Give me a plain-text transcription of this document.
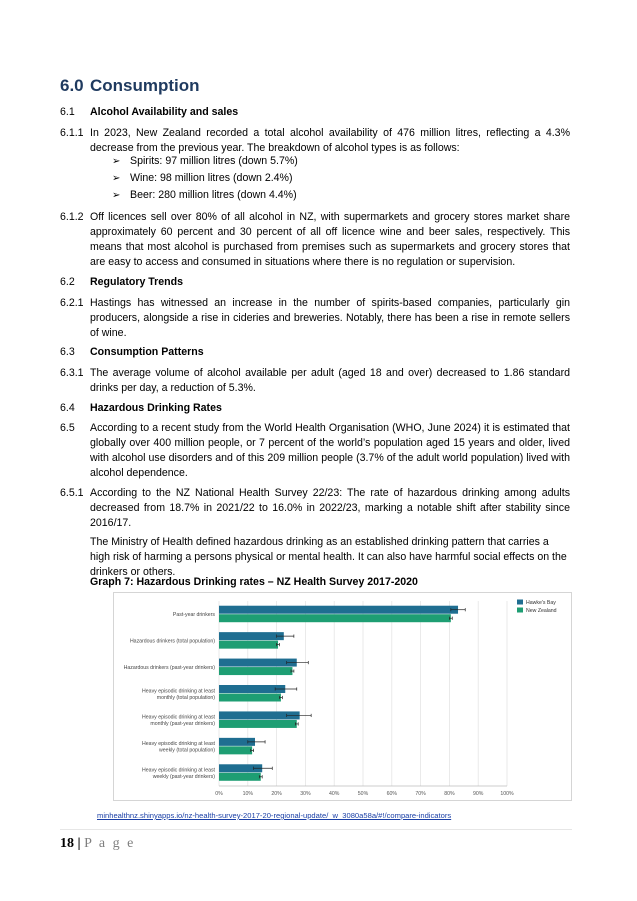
6.0 Consumption
6.1	Alcohol Availability and sales
6.1.1 In 2023, New Zealand recorded a total alcohol availability of 476 million litres, reflecting a 4.3% decrease from the previous year. The breakdown of alcohol types is as follows:
➢ Spirits: 97 million litres (down 5.7%)
➢ Wine: 98 million litres (down 2.4%)
➢ Beer: 280 million litres (down 4.4%)
6.1.2 Off licences sell over 80% of all alcohol in NZ, with supermarkets and grocery stores market share approximately 60 percent and 30 percent of all off licence wine and beer sales, respectively. This means that most alcohol is purchased from premises such as supermarkets and grocery stores that are easy to access and consumed in situations where there is no regulation or supervision.
6.2	Regulatory Trends
6.2.1 Hastings has witnessed an increase in the number of spirits-based companies, particularly gin producers, alongside a rise in cideries and breweries. Notably, there has been a rise in remote sellers of wine.
6.3	Consumption Patterns
6.3.1 The average volume of alcohol available per adult (aged 18 and over) decreased to 1.86 standard drinks per day, a reduction of 5.3%.
6.4	Hazardous Drinking Rates
6.5	According to a recent study from the World Health Organisation (WHO, June 2024) it is estimated that globally over 400 million people, or 7 percent of the world’s population aged 15 years and older, lived with alcohol use disorders and of this 209 million people (3.7% of the adult world population) lived with alcohol dependence.
6.5.1 According to the NZ National Health Survey 22/23: The rate of hazardous drinking among adults decreased from 18.7% in 2021/22 to 16.0% in 2022/23, marking a notable shift after stability since 2016/17.
The Ministry of Health defined hazardous drinking as an established drinking pattern that carries a high risk of harming a persons physical or mental health. It can also have harmful social effects on the drinkers or others.
Graph 7: Hazardous Drinking rates – NZ Health Survey 2017-2020
0%	10%	20%	30%	40%	50%	60%	70%	80%	90%	100%
Past-year drinkers
Hazardous drinkers (total population)
Hazardous drinkers (past-year drinkers)
Heavy episodic drinking at least
monthly (total population)
Heavy episodic drinking at least
monthly (past-year drinkers)
Heavy episodic drinking at least
weekly (total population)
Heavy episodic drinking at least
weekly (past-year drinkers)
Hawke's Bay
New Zealand
minhealthnz.shinyapps.io/nz-health-survey-2017-20-regional-update/_w_3080a58a/#!/compare-indicators
18 | P a g e
